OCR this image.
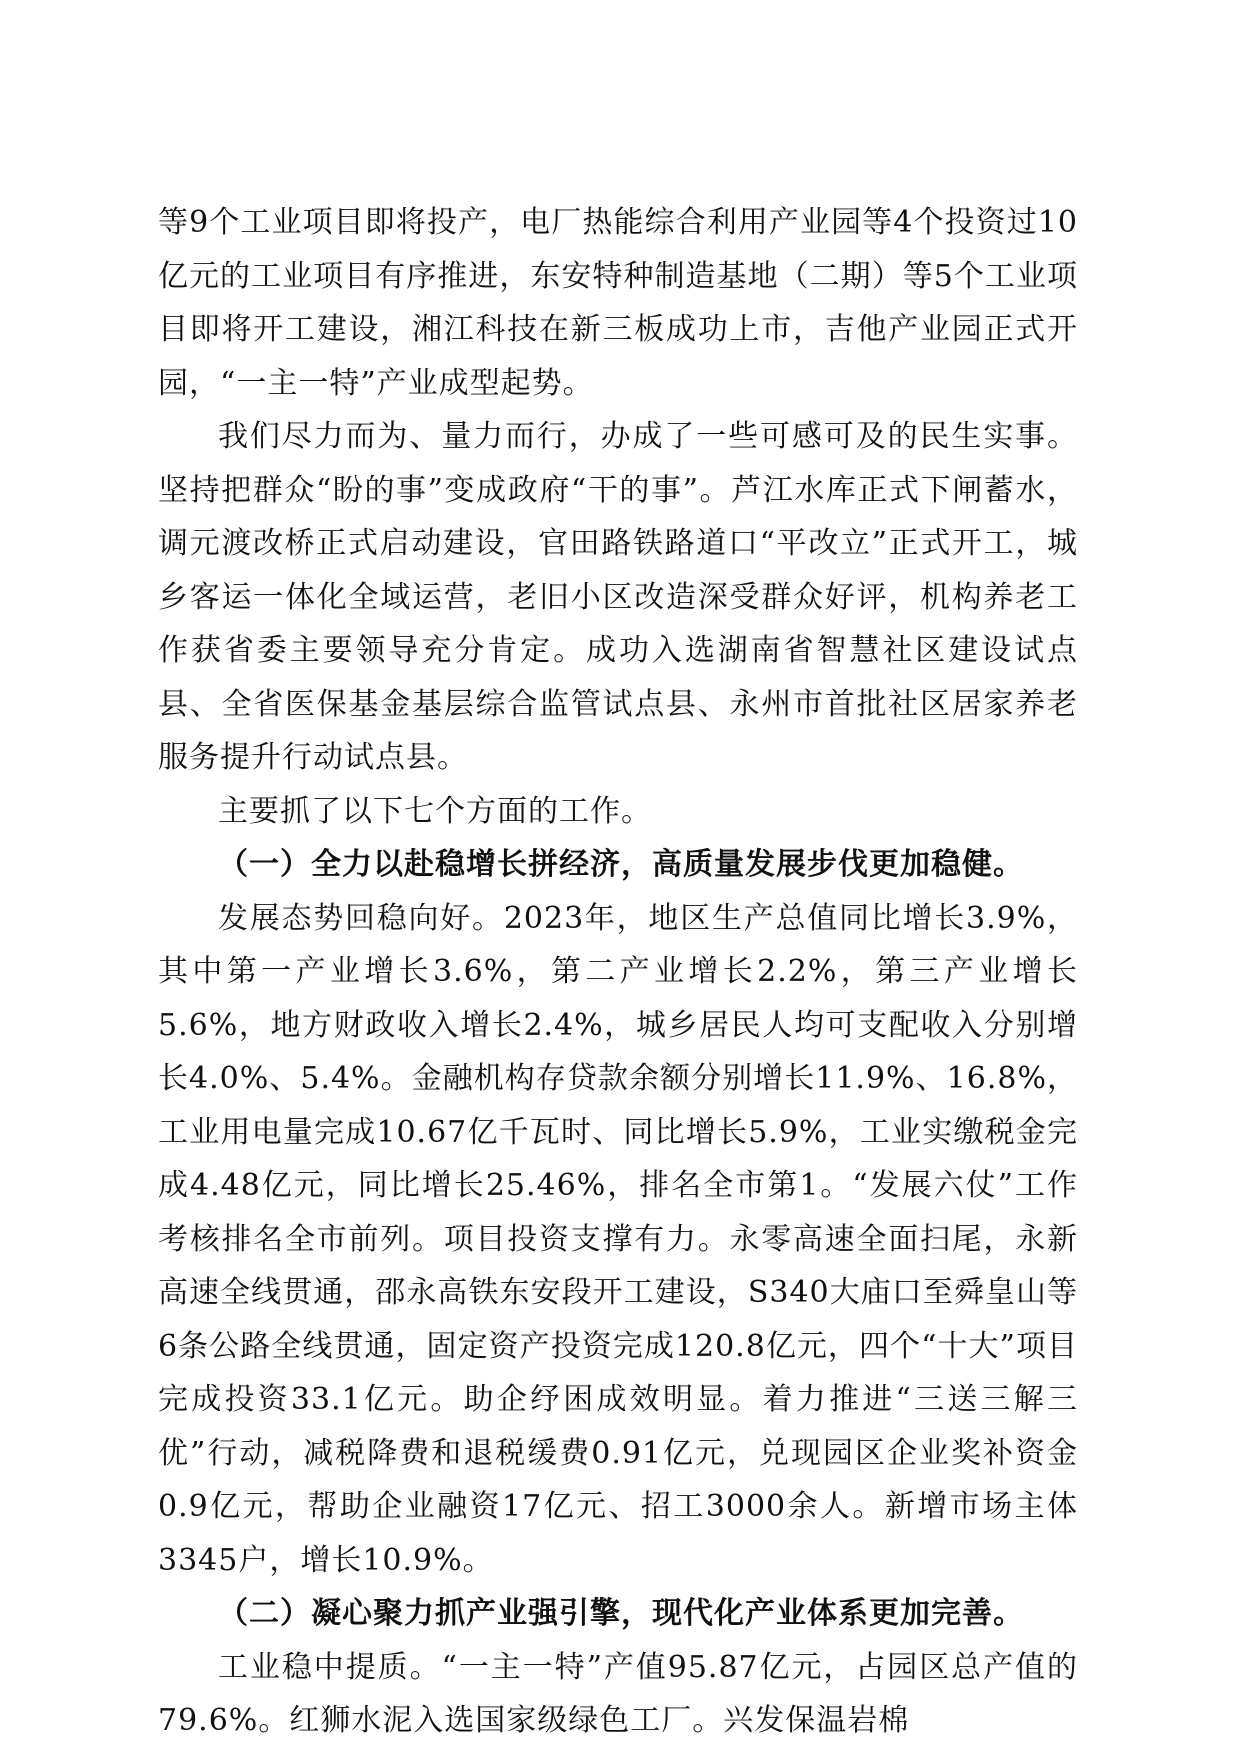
等9个工业项目即将投产，电厂热能综合利用产业园等4个投资过10亿元的工业项目有序推进，东安特种制造基地（二期）等5个工业项目即将开工建设，湘江科技在新三板成功上市，吉他产业园正式开园，“一主一特”产业成型起势。

我们尽力而为、量力而行，办成了一些可感可及的民生实事。坚持把群众“盼的事”变成政府“干的事”。芦江水库正式下闸蓄水，调元渡改桥正式启动建设，官田路铁路道口“平改立”正式开工，城乡客运一体化全域运营，老旧小区改造深受群众好评，机构养老工作获省委主要领导充分肯定。成功入选湖南省智慧社区建设试点县、全省医保基金基层综合监管试点县、永州市首批社区居家养老服务提升行动试点县。

主要抓了以下七个方面的工作。

（一）全力以赴稳增长拼经济，高质量发展步伐更加稳健。

发展态势回稳向好。2023年，地区生产总值同比增长3.9%，其中第一产业增长3.6%，第二产业增长2.2%，第三产业增长5.6%，地方财政收入增长2.4%，城乡居民人均可支配收入分别增长4.0%、5.4%。金融机构存贷款余额分别增长11.9%、16.8%，工业用电量完成10.67亿千瓦时、同比增长5.9%，工业实缴税金完成4.48亿元，同比增长25.46%，排名全市第1。“发展六仗”工作考核排名全市前列。项目投资支撑有力。永零高速全面扫尾，永新高速全线贯通，邵永高铁东安段开工建设，S340大庙口至舜皇山等6条公路全线贯通，固定资产投资完成120.8亿元，四个“十大”项目完成投资33.1亿元。助企纾困成效明显。着力推进“三送三解三优”行动，减税降费和退税缓费0.91亿元，兑现园区企业奖补资金0.9亿元，帮助企业融资17亿元、招工3000余人。新增市场主体3345户，增长10.9%。

（二）凝心聚力抓产业强引擎，现代化产业体系更加完善。

工业稳中提质。“一主一特”产值95.87亿元，占园区总产值的79.6%。红狮水泥入选国家级绿色工厂。兴发保温岩棉
